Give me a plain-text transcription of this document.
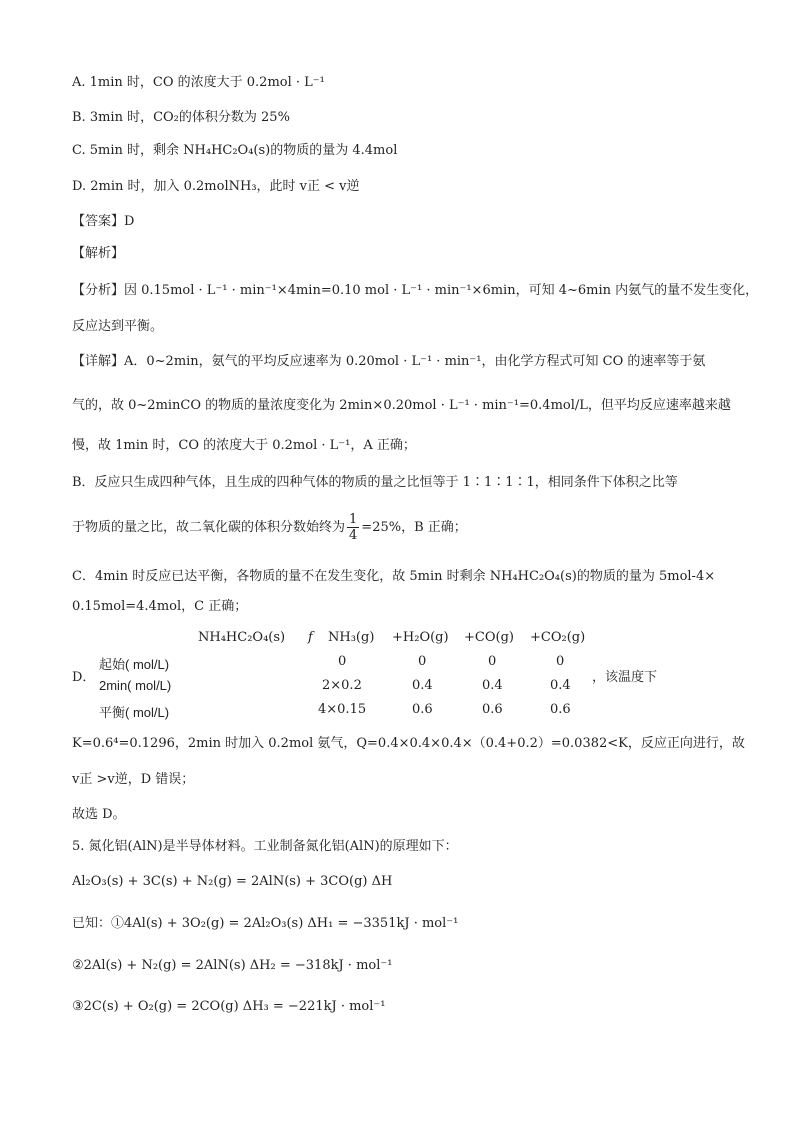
A. 1min 时，CO 的浓度大于 0.2mol · L⁻¹
B. 3min 时，CO₂的体积分数为 25%
C. 5min 时，剩余 NH₄HC₂O₄(s)的物质的量为 4.4mol
D. 2min 时，加入 0.2molNH₃，此时 v正 < v逆
【答案】D
【解析】
【分析】因 0.15mol · L⁻¹ · min⁻¹×4min=0.10 mol · L⁻¹ · min⁻¹×6min，可知 4~6min 内氨气的量不发生变化，
反应达到平衡。
【详解】A．0~2min，氨气的平均反应速率为 0.20mol · L⁻¹ · min⁻¹，由化学方程式可知 CO 的速率等于氨
气的，故 0~2minCO 的物质的量浓度变化为 2min×0.20mol · L⁻¹ · min⁻¹=0.4mol/L，但平均反应速率越来越
慢，故 1min 时，CO 的浓度大于 0.2mol · L⁻¹，A 正确；
B．反应只生成四种气体，且生成的四种气体的物质的量之比恒等于 1∶1∶1∶1，相同条件下体积之比等
于物质的量之比，故二氧化碳的体积分数始终为 $\frac{1}{4} =25\%$，B 正确；
C．4min 时反应已达平衡，各物质的量不在发生变化，故 5min 时剩余 NH₄HC₂O₄(s)的物质的量为 5mol-4×
0.15mol=4.4mol，C 正确；
D．
NH₄HC₂O₄(s) f NH₃(g) +H₂O(g) +CO(g) +CO₂(g)
起始( mol/L)	0	0	0	0
2min( mol/L)	2×0.2	0.4	0.4	0.4
平衡( mol/L)	4×0.15	0.6	0.6	0.6
，该温度下
K=0.6⁴=0.1296，2min 时加入 0.2mol 氨气，Q=0.4×0.4×0.4×（0.4+0.2）=0.0382<K，反应正向进行，故
v正 >v逆，D 错误；
故选 D。
5. 氮化铝(AlN)是半导体材料。工业制备氮化铝(AlN)的原理如下：
Al₂O₃(s) + 3C(s) + N₂(g) = 2AlN(s) + 3CO(g) ΔH
已知：①4Al(s) + 3O₂(g) = 2Al₂O₃(s) ΔH₁ = −3351kJ · mol⁻¹
②2Al(s) + N₂(g) = 2AlN(s) ΔH₂ = −318kJ · mol⁻¹
③2C(s) + O₂(g) = 2CO(g) ΔH₃ = −221kJ · mol⁻¹
